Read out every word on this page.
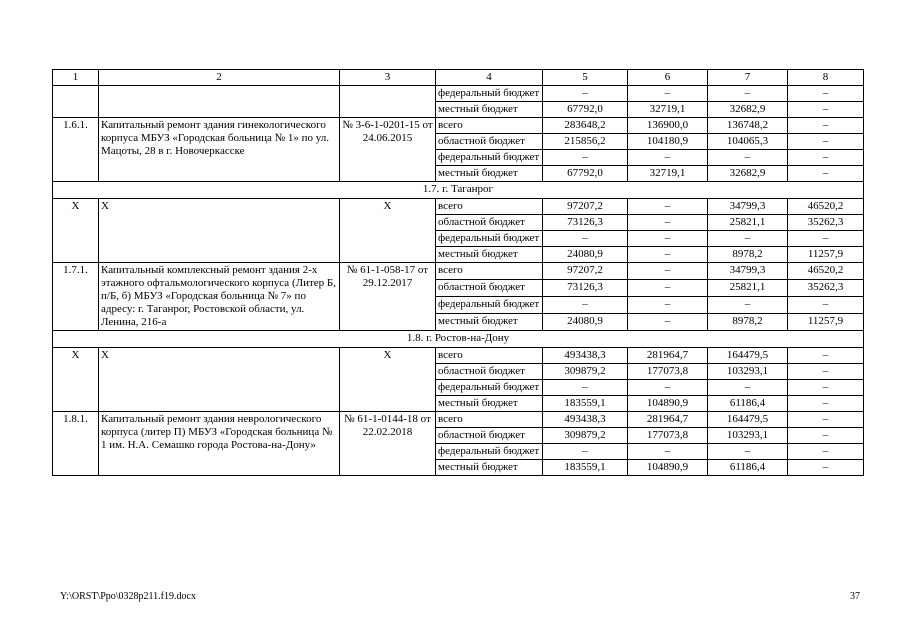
1	2	3	4	5	6	7	8
			федеральный бюджет	–	–	–	–
			местный бюджет	67792,0	32719,1	32682,9	–
1.6.1.	Капитальный ремонт здания гинекологического корпуса МБУЗ «Городская больница № 1» по ул. Мацоты, 28 в г. Новочеркасске	№ 3-6-1-0201-15 от 24.06.2015	всего	283648,2	136900,0	136748,2	–
			областной бюджет	215856,2	104180,9	104065,3	–
			федеральный бюджет	–	–	–	–
			местный бюджет	67792,0	32719,1	32682,9	–
1.7. г. Таганрог							
Х	Х	Х	всего	97207,2	–	34799,3	46520,2
			областной бюджет	73126,3	–	25821,1	35262,3
			федеральный бюджет	–	–	–	–
			местный бюджет	24080,9	–	8978,2	11257,9
1.7.1.	Капитальный комплексный ремонт здания 2-х этажного офтальмологического корпуса (Литер Б, п/Б, б) МБУЗ «Городская больница № 7» по адресу: г. Таганрог, Ростовской области, ул. Ленина, 216-а	№ 61-1-058-17 от 29.12.2017	всего	97207,2	–	34799,3	46520,2
			областной бюджет	73126,3	–	25821,1	35262,3
			федеральный бюджет	–	–	–	–
			местный бюджет	24080,9	–	8978,2	11257,9
1.8. г. Ростов-на-Дону							
Х	Х	Х	всего	493438,3	281964,7	164479,5	–
			областной бюджет	309879,2	177073,8	103293,1	–
			федеральный бюджет	–	–	–	–
			местный бюджет	183559,1	104890,9	61186,4	–
1.8.1.	Капитальный ремонт здания неврологического корпуса (литер П) МБУЗ «Городская больница № 1 им. Н.А. Семашко города Ростова-на-Дону»	№ 61-1-0144-18 от 22.02.2018	всего	493438,3	281964,7	164479,5	–
			областной бюджет	309879,2	177073,8	103293,1	–
			федеральный бюджет	–	–	–	–
			местный бюджет	183559,1	104890,9	61186,4	–
Y:\ORST\Ppo\0328p211.f19.docx	37
